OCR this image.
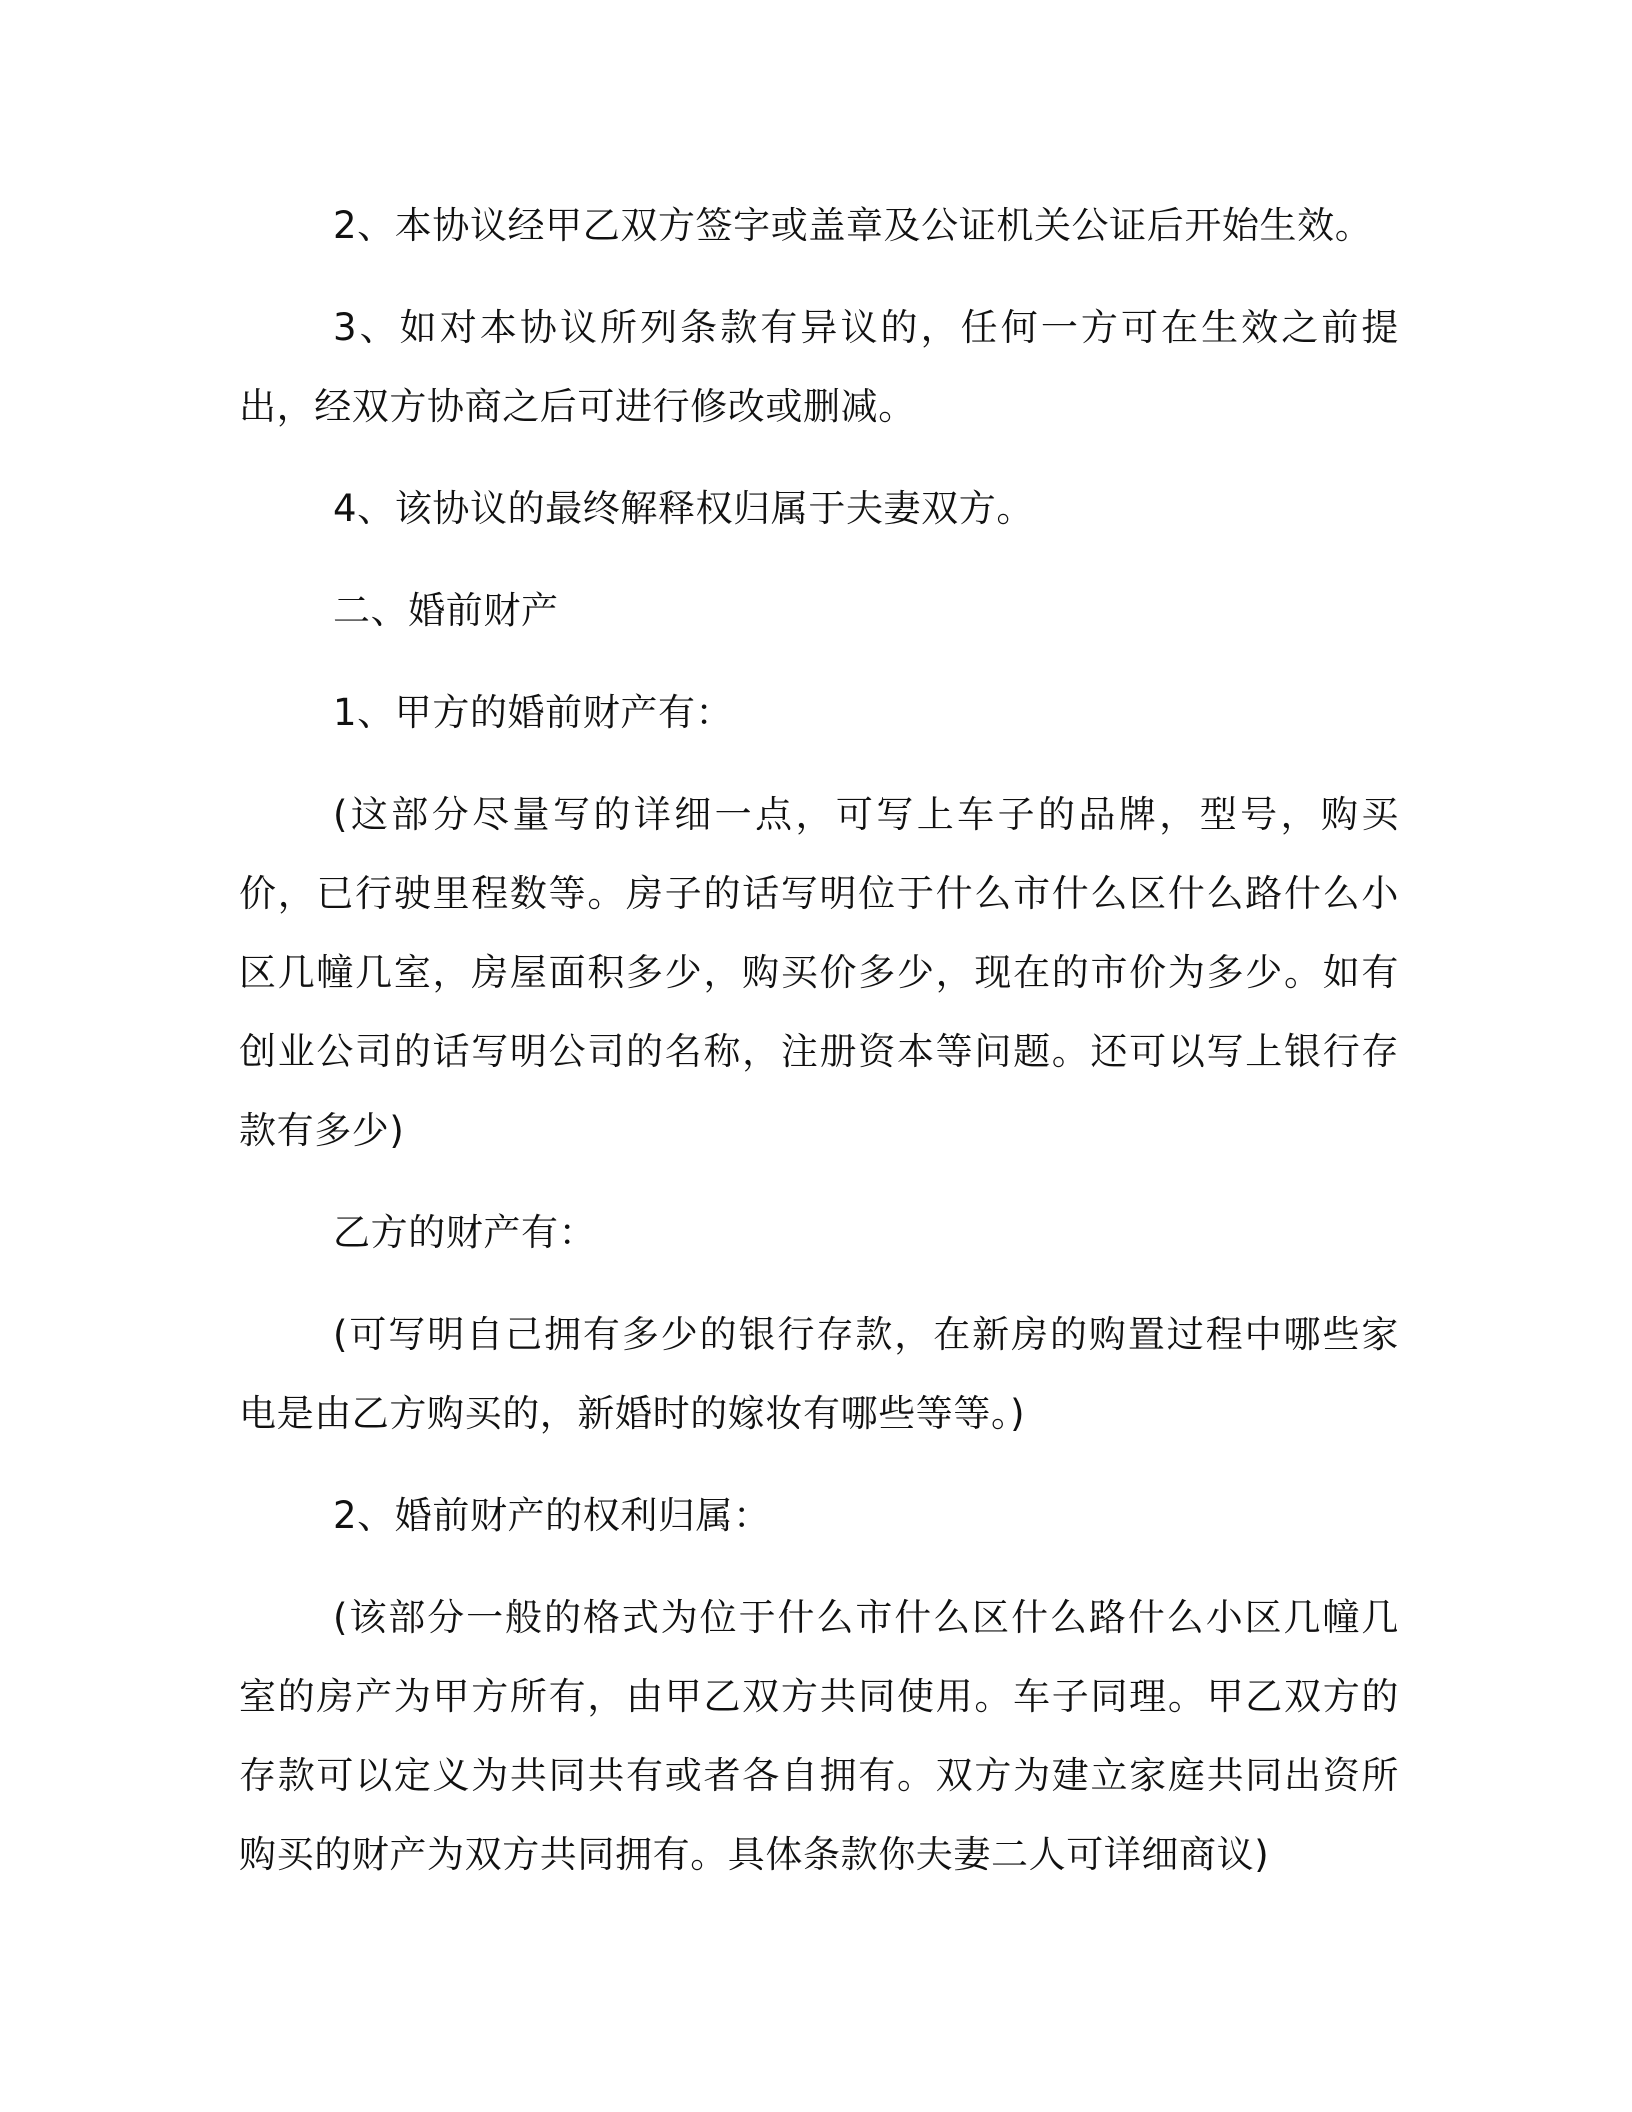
2、本协议经甲乙双方签字或盖章及公证机关公证后开始生效。

3、如对本协议所列条款有异议的，任何一方可在生效之前提出，经双方协商之后可进行修改或删减。

4、该协议的最终解释权归属于夫妻双方。

二、婚前财产

1、甲方的婚前财产有：

(这部分尽量写的详细一点，可写上车子的品牌，型号，购买价，已行驶里程数等。房子的话写明位于什么市什么区什么路什么小区几幢几室，房屋面积多少，购买价多少，现在的市价为多少。如有创业公司的话写明公司的名称，注册资本等问题。还可以写上银行存款有多少)

乙方的财产有：

(可写明自己拥有多少的银行存款，在新房的购置过程中哪些家电是由乙方购买的，新婚时的嫁妆有哪些等等。)

2、婚前财产的权利归属：

(该部分一般的格式为位于什么市什么区什么路什么小区几幢几室的房产为甲方所有，由甲乙双方共同使用。车子同理。甲乙双方的存款可以定义为共同共有或者各自拥有。双方为建立家庭共同出资所购买的财产为双方共同拥有。具体条款你夫妻二人可详细商议)
